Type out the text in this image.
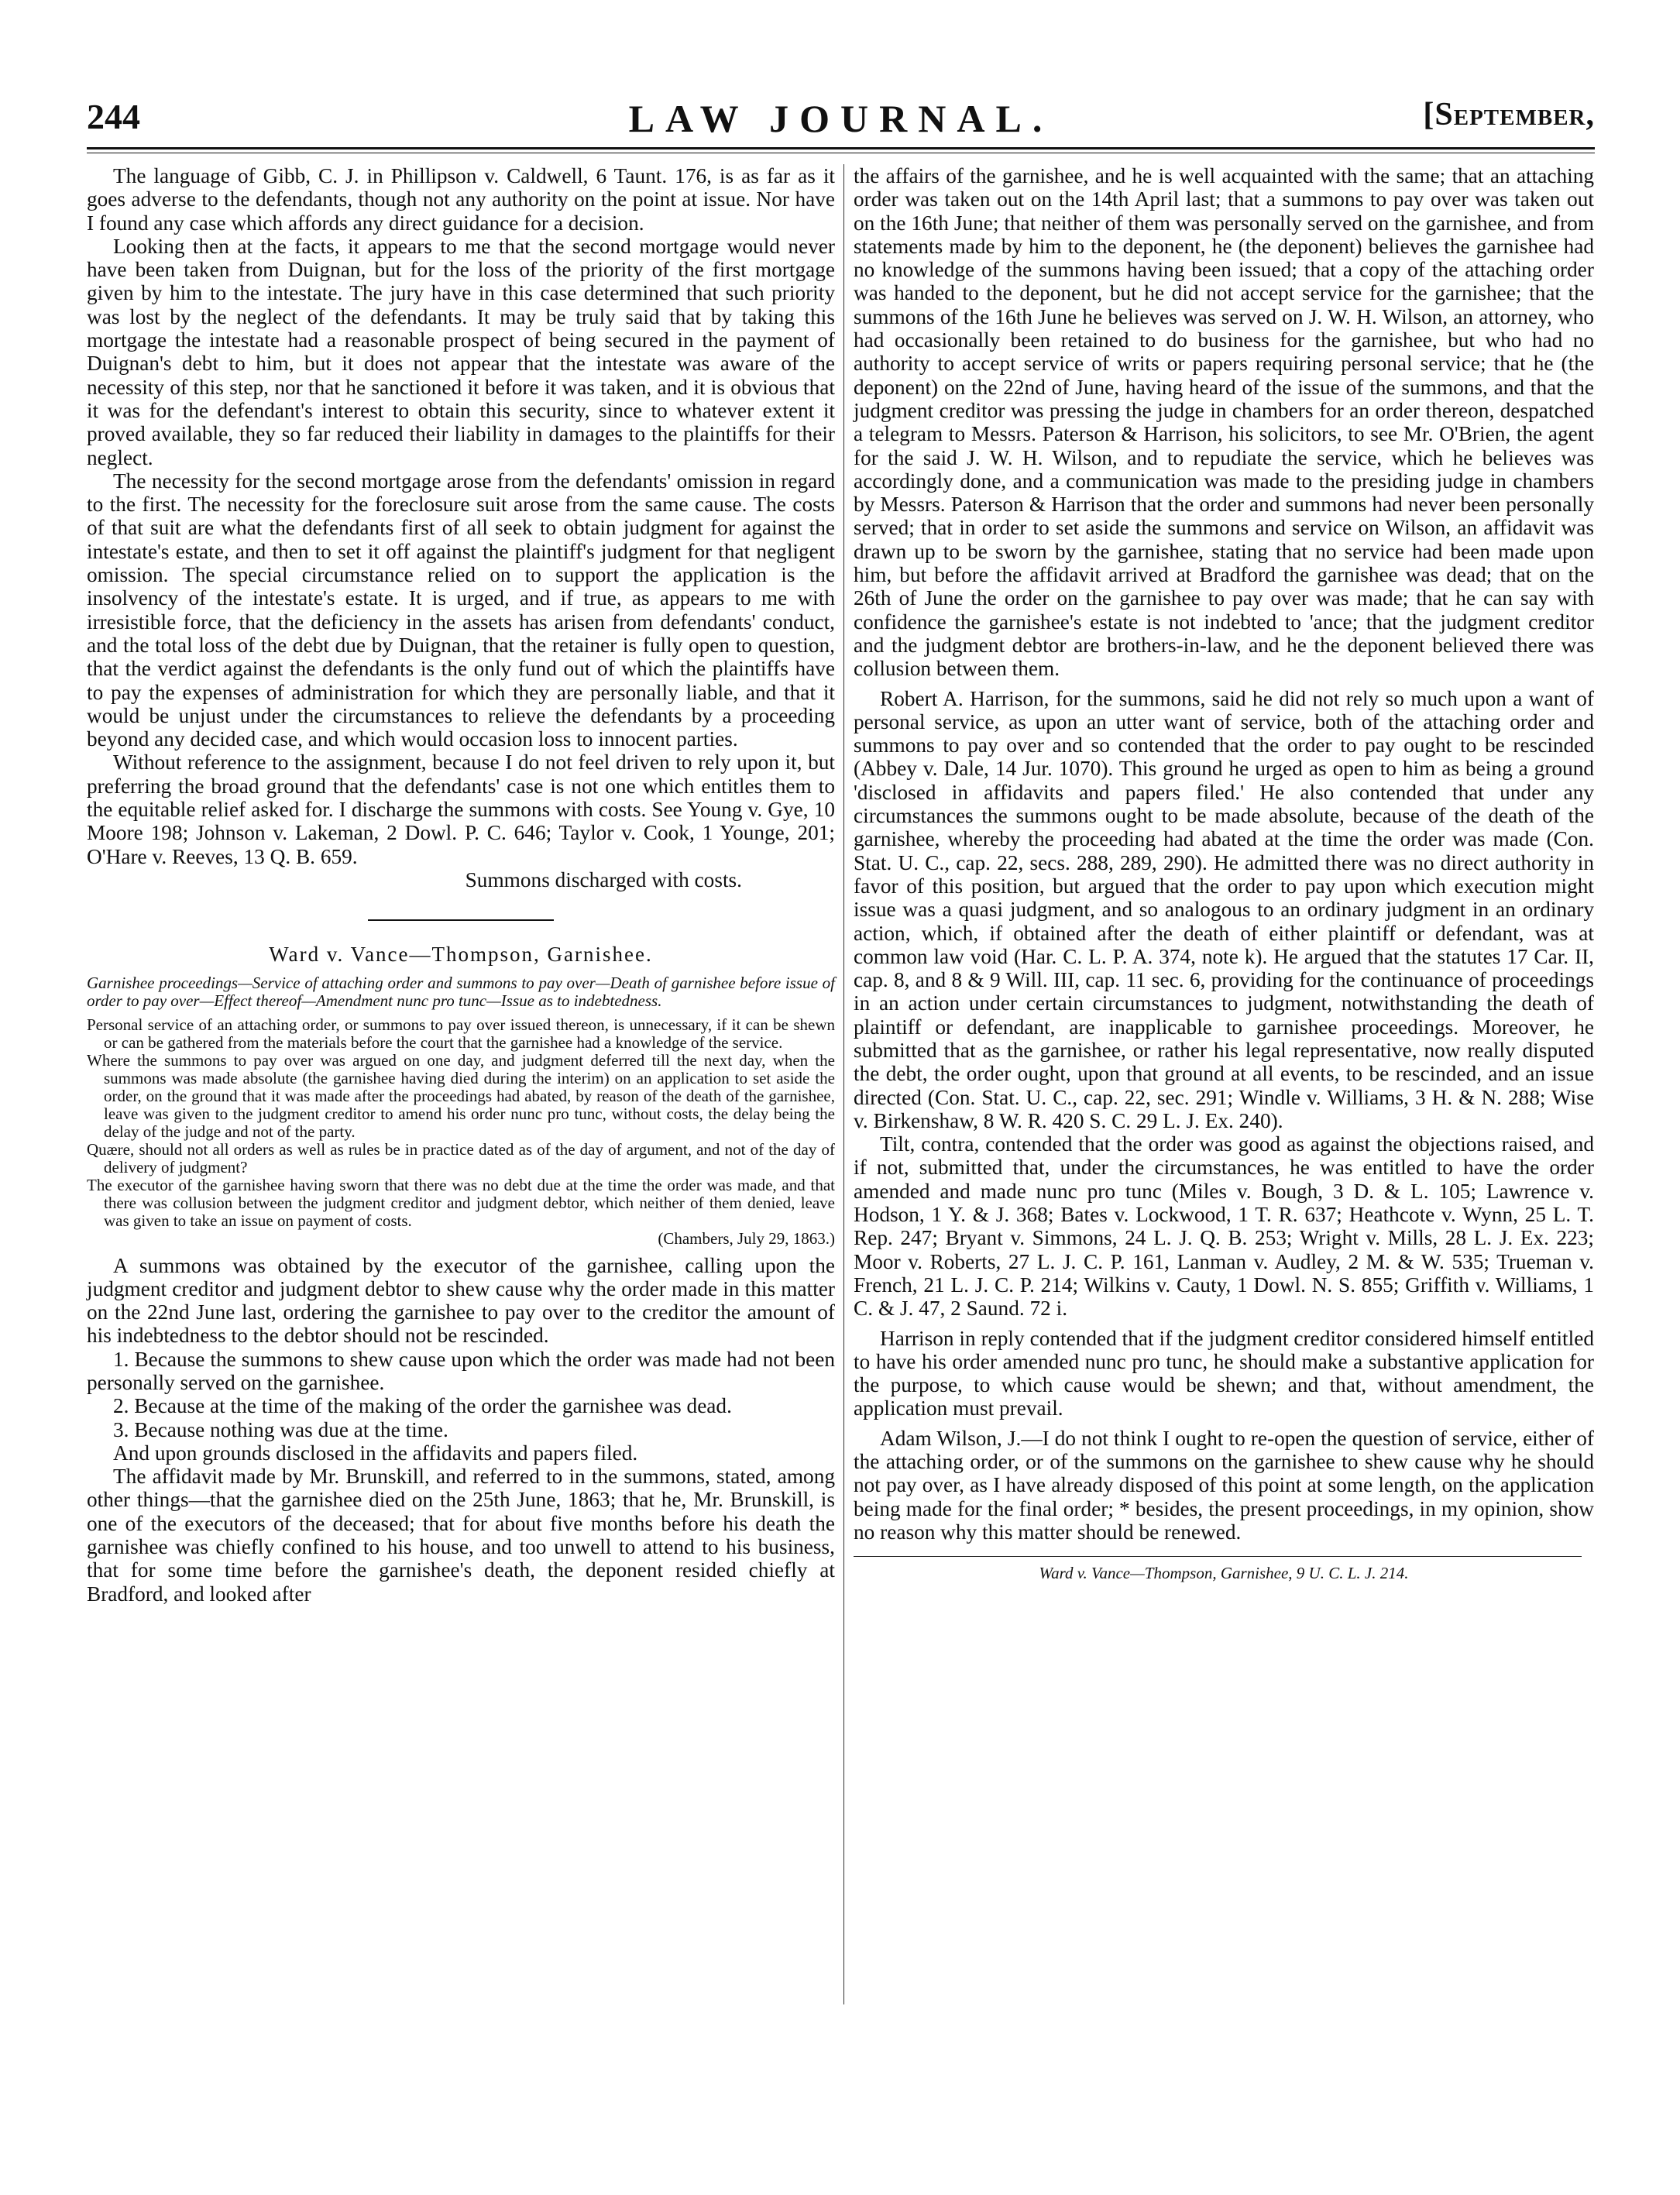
244	LAW JOURNAL.	[September,

The language of Gibb, C. J. in Phillipson v. Caldwell, 6 Taunt. 176, is as far as it goes adverse to the defendants, though not any authority on the point at issue. Nor have I found any case which affords any direct guidance for a decision.

Looking then at the facts, it appears to me that the second mortgage would never have been taken from Duignan, but for the loss of the priority of the first mortgage given by him to the intestate. The jury have in this case determined that such priority was lost by the neglect of the defendants. It may be truly said that by taking this mortgage the intestate had a reasonable prospect of being secured in the payment of Duignan's debt to him, but it does not appear that the intestate was aware of the necessity of this step, nor that he sanctioned it before it was taken, and it is obvious that it was for the defendant's interest to obtain this security, since to whatever extent it proved available, they so far reduced their liability in damages to the plaintiffs for their neglect.

The necessity for the second mortgage arose from the defendants' omission in regard to the first. The necessity for the foreclosure suit arose from the same cause. The costs of that suit are what the defendants first of all seek to obtain judgment for against the intestate's estate, and then to set it off against the plaintiff's judgment for that negligent omission. The special circumstance relied on to support the application is the insolvency of the intestate's estate. It is urged, and if true, as appears to me with irresistible force, that the deficiency in the assets has arisen from defendants' conduct, and the total loss of the debt due by Duignan, that the retainer is fully open to question, that the verdict against the defendants is the only fund out of which the plaintiffs have to pay the expenses of administration for which they are personally liable, and that it would be unjust under the circumstances to relieve the defendants by a proceeding beyond any decided case, and which would occasion loss to innocent parties.

Without reference to the assignment, because I do not feel driven to rely upon it, but preferring the broad ground that the defendants' case is not one which entitles them to the equitable relief asked for. I discharge the summons with costs. See Young v. Gye, 10 Moore 198; Johnson v. Lakeman, 2 Dowl. P. C. 646; Taylor v. Cook, 1 Younge, 201; O'Hare v. Reeves, 13 Q. B. 659.

Summons discharged with costs.

Ward v. Vance—Thompson, Garnishee.

Garnishee proceedings—Service of attaching order and summons to pay over—Death of garnishee before issue of order to pay over—Effect thereof—Amendment nunc pro tunc—Issue as to indebtedness.

Personal service of an attaching order, or summons to pay over issued thereon, is unnecessary, if it can be shewn or can be gathered from the materials before the court that the garnishee had a knowledge of the service.

Where the summons to pay over was argued on one day, and judgment deferred till the next day, when the summons was made absolute (the garnishee having died during the interim) on an application to set aside the order, on the ground that it was made after the proceedings had abated, by reason of the death of the garnishee, leave was given to the judgment creditor to amend his order nunc pro tunc, without costs, the delay being the delay of the judge and not of the party.

Quære, should not all orders as well as rules be in practice dated as of the day of argument, and not of the day of delivery of judgment?

The executor of the garnishee having sworn that there was no debt due at the time the order was made, and that there was collusion between the judgment creditor and judgment debtor, which neither of them denied, leave was given to take an issue on payment of costs.

(Chambers, July 29, 1863.)

A summons was obtained by the executor of the garnishee, calling upon the judgment creditor and judgment debtor to shew cause why the order made in this matter on the 22nd June last, ordering the garnishee to pay over to the creditor the amount of his indebtedness to the debtor should not be rescinded.

1. Because the summons to shew cause upon which the order was made had not been personally served on the garnishee.

2. Because at the time of the making of the order the garnishee was dead.

3. Because nothing was due at the time.

And upon grounds disclosed in the affidavits and papers filed.

The affidavit made by Mr. Brunskill, and referred to in the summons, stated, among other things—that the garnishee died on the 25th June, 1863; that he, Mr. Brunskill, is one of the executors of the deceased; that for about five months before his death the garnishee was chiefly confined to his house, and too unwell to attend to his business, that for some time before the garnishee's death, the deponent resided chiefly at Bradford, and looked after

the affairs of the garnishee, and he is well acquainted with the same; that an attaching order was taken out on the 14th April last; that a summons to pay over was taken out on the 16th June; that neither of them was personally served on the garnishee, and from statements made by him to the deponent, he (the deponent) believes the garnishee had no knowledge of the summons having been issued; that a copy of the attaching order was handed to the deponent, but he did not accept service for the garnishee; that the summons of the 16th June he believes was served on J. W. H. Wilson, an attorney, who had occasionally been retained to do business for the garnishee, but who had no authority to accept service of writs or papers requiring personal service; that he (the deponent) on the 22nd of June, having heard of the issue of the summons, and that the judgment creditor was pressing the judge in chambers for an order thereon, despatched a telegram to Messrs. Paterson & Harrison, his solicitors, to see Mr. O'Brien, the agent for the said J. W. H. Wilson, and to repudiate the service, which he believes was accordingly done, and a communication was made to the presiding judge in chambers by Messrs. Paterson & Harrison that the order and summons had never been personally served; that in order to set aside the summons and service on Wilson, an affidavit was drawn up to be sworn by the garnishee, stating that no service had been made upon him, but before the affidavit arrived at Bradford the garnishee was dead; that on the 26th of June the order on the garnishee to pay over was made; that he can say with confidence the garnishee's estate is not indebted to 'ance; that the judgment creditor and the judgment debtor are brothers-in-law, and he the deponent believed there was collusion between them.

Robert A. Harrison, for the summons, said he did not rely so much upon a want of personal service, as upon an utter want of service, both of the attaching order and summons to pay over and so contended that the order to pay ought to be rescinded (Abbey v. Dale, 14 Jur. 1070). This ground he urged as open to him as being a ground 'disclosed in affidavits and papers filed.' He also contended that under any circumstances the summons ought to be made absolute, because of the death of the garnishee, whereby the proceeding had abated at the time the order was made (Con. Stat. U. C., cap. 22, secs. 288, 289, 290). He admitted there was no direct authority in favor of this position, but argued that the order to pay upon which execution might issue was a quasi judgment, and so analogous to an ordinary judgment in an ordinary action, which, if obtained after the death of either plaintiff or defendant, was at common law void (Har. C. L. P. A. 374, note k). He argued that the statutes 17 Car. II, cap. 8, and 8 & 9 Will. III, cap. 11 sec. 6, providing for the continuance of proceedings in an action under certain circumstances to judgment, notwithstanding the death of plaintiff or defendant, are inapplicable to garnishee proceedings. Moreover, he submitted that as the garnishee, or rather his legal representative, now really disputed the debt, the order ought, upon that ground at all events, to be rescinded, and an issue directed (Con. Stat. U. C., cap. 22, sec. 291; Windle v. Williams, 3 H. & N. 288; Wise v. Birkenshaw, 8 W. R. 420 S. C. 29 L. J. Ex. 240).

Tilt, contra, contended that the order was good as against the objections raised, and if not, submitted that, under the circumstances, he was entitled to have the order amended and made nunc pro tunc (Miles v. Bough, 3 D. & L. 105; Lawrence v. Hodson, 1 Y. & J. 368; Bates v. Lockwood, 1 T. R. 637; Heathcote v. Wynn, 25 L. T. Rep. 247; Bryant v. Simmons, 24 L. J. Q. B. 253; Wright v. Mills, 28 L. J. Ex. 223; Moor v. Roberts, 27 L. J. C. P. 161, Lanman v. Audley, 2 M. & W. 535; Trueman v. French, 21 L. J. C. P. 214; Wilkins v. Cauty, 1 Dowl. N. S. 855; Griffith v. Williams, 1 C. & J. 47, 2 Saund. 72 i.

Harrison in reply contended that if the judgment creditor considered himself entitled to have his order amended nunc pro tunc, he should make a substantive application for the purpose, to which cause would be shewn; and that, without amendment, the application must prevail.

Adam Wilson, J.—I do not think I ought to re-open the question of service, either of the attaching order, or of the summons on the garnishee to shew cause why he should not pay over, as I have already disposed of this point at some length, on the application being made for the final order; * besides, the present proceedings, in my opinion, show no reason why this matter should be renewed.

Ward v. Vance—Thompson, Garnishee, 9 U. C. L. J. 214.
